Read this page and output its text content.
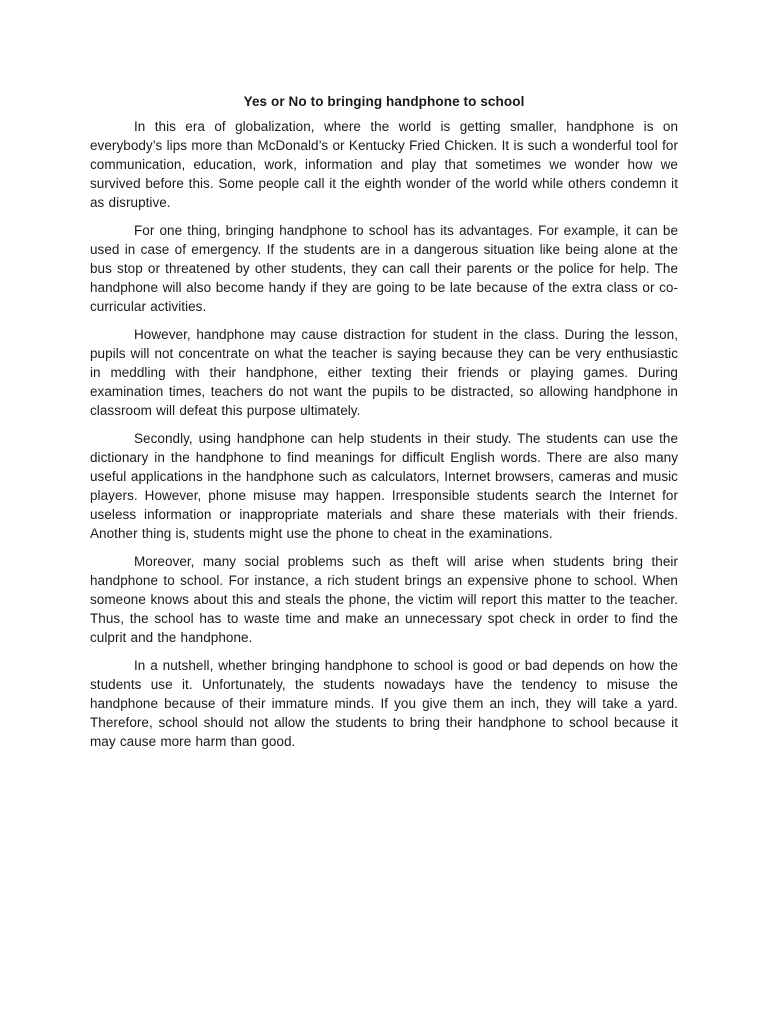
Yes or No to bringing handphone to school

In this era of globalization, where the world is getting smaller, handphone is on everybody’s lips more than McDonald’s or Kentucky Fried Chicken. It is such a wonderful tool for communication, education, work, information and play that sometimes we wonder how we survived before this. Some people call it the eighth wonder of the world while others condemn it as disruptive.

For one thing, bringing handphone to school has its advantages. For example, it can be used in case of emergency. If the students are in a dangerous situation like being alone at the bus stop or threatened by other students, they can call their parents or the police for help. The handphone will also become handy if they are going to be late because of the extra class or co-curricular activities.

However, handphone may cause distraction for student in the class. During the lesson, pupils will not concentrate on what the teacher is saying because they can be very enthusiastic in meddling with their handphone, either texting their friends or playing games. During examination times, teachers do not want the pupils to be distracted, so allowing handphone in classroom will defeat this purpose ultimately.

Secondly, using handphone can help students in their study. The students can use the dictionary in the handphone to find meanings for difficult English words. There are also many useful applications in the handphone such as calculators, Internet browsers, cameras and music players. However, phone misuse may happen. Irresponsible students search the Internet for useless information or inappropriate materials and share these materials with their friends. Another thing is, students might use the phone to cheat in the examinations.

Moreover, many social problems such as theft will arise when students bring their handphone to school. For instance, a rich student brings an expensive phone to school. When someone knows about this and steals the phone, the victim will report this matter to the teacher. Thus, the school has to waste time and make an unnecessary spot check in order to find the culprit and the handphone.

In a nutshell, whether bringing handphone to school is good or bad depends on how the students use it. Unfortunately, the students nowadays have the tendency to misuse the handphone because of their immature minds. If you give them an inch, they will take a yard. Therefore, school should not allow the students to bring their handphone to school because it may cause more harm than good.
